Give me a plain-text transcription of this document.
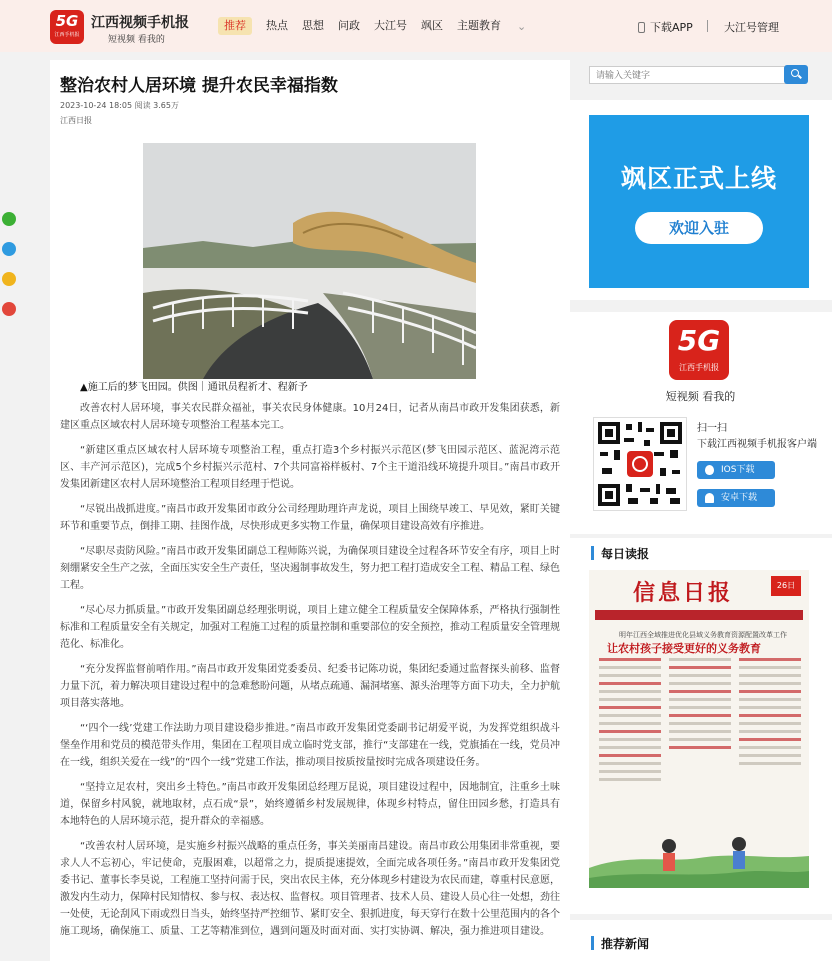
5G
江西手机报
江西视频手机报
短视频 看我的
推荐	热点 思想 问政 大江号 飒区 主题教育 ⌄	下载APP	大江号管理
整治农村人居环境 提升农民幸福指数
2023-10-24 18:05 阅读 3.65万
江西日报
▲施工后的梦飞田园。供图｜通讯员程祈才、程新予

改善农村人居环境，事关农民群众福祉，事关农民身体健康。10月24日，记者从南昌市政开发集团获悉，新建区重点区域农村人居环境专项整治工程基本完工。

“新建区重点区域农村人居环境专项整治工程，重点打造3个乡村振兴示范区(梦飞田园示范区、蓝泥湾示范区、丰产河示范区)，完成5个乡村振兴示范村、7个共同富裕样板村、7个主干道沿线环境提升项目。”南昌市政开发集团新建区农村人居环境整治工程项目经理于恺说。

“尽锐出战抓进度。”南昌市政开发集团市政分公司经理助理许声龙说，项目上围绕早竣工、早见效，紧盯关键环节和重要节点，倒排工期、挂图作战，尽快形成更多实物工作量，确保项目建设高效有序推进。

“尽职尽责防风险。”南昌市政开发集团副总工程师陈兴说，为确保项目建设全过程各环节安全有序，项目上时刻绷紧安全生产之弦，全面压实安全生产责任，坚决遏制事故发生，努力把工程打造成安全工程、精品工程、绿色工程。

“尽心尽力抓质量。”市政开发集团副总经理张明说，项目上建立健全工程质量安全保障体系，严格执行强制性标准和工程质量安全有关规定，加强对工程施工过程的质量控制和重要部位的安全预控，推动工程质量安全管理规范化、标准化。

“充分发挥监督前哨作用。”南昌市政开发集团党委委员、纪委书记陈功说，集团纪委通过监督探头前移、监督力量下沉，着力解决项目建设过程中的急难愁盼问题，从堵点疏通、漏洞堵塞、源头治理等方面下功夫，全力护航项目落实落地。

“‘四个一线’党建工作法助力项目建设稳步推进。”南昌市政开发集团党委副书记胡爱平说，为发挥党组织战斗堡垒作用和党员的模范带头作用，集团在工程项目成立临时党支部，推行“支部建在一线，党旗插在一线，党员冲在一线，组织关爱在一线”的“四个一线”党建工作法，推动项目按质按量按时完成各项建设任务。

“坚持立足农村，突出乡土特色。”南昌市政开发集团总经理万昆说，项目建设过程中，因地制宜，注重乡土味道，保留乡村风貌，就地取材，点石成“景”，始终遵循乡村发展规律，体现乡村特点，留住田园乡愁，打造具有本地特色的人居环境示范，提升群众的幸福感。

“改善农村人居环境，是实施乡村振兴战略的重点任务，事关美丽南昌建设。南昌市政公用集团非常重视，要求人人不忘初心，牢记使命，克服困难，以超常之力，提质提速提效，全面完成各项任务。”南昌市政开发集团党委书记、董事长李昊说，工程施工坚持问需于民，突出农民主体，充分体现乡村建设为农民而建，尊重村民意愿，激发内生动力，保障村民知情权、参与权、表达权、监督权。项目管理者、技术人员、建设人员心往一处想，劲往一处使，无论刮风下雨或烈日当头，始终坚持严控细节、紧盯安全、狠抓进度，每天穿行在数十公里范围内的各个施工现场，确保施工、质量、工艺等精准到位，遇到问题及时面对面、实打实协调、解决，强力推进项目建设。

请输入关键字
飒区正式上线
欢迎入驻
5G
江西手机报
短视频 看我的
扫一扫
下载江西视频手机报客户端
IOS下载
安卓下载
每日读报
信息日报	26日
明年江西全域推进优化县域义务教育资源配置改革工作
让农村孩子接受更好的义务教育
推荐新闻
